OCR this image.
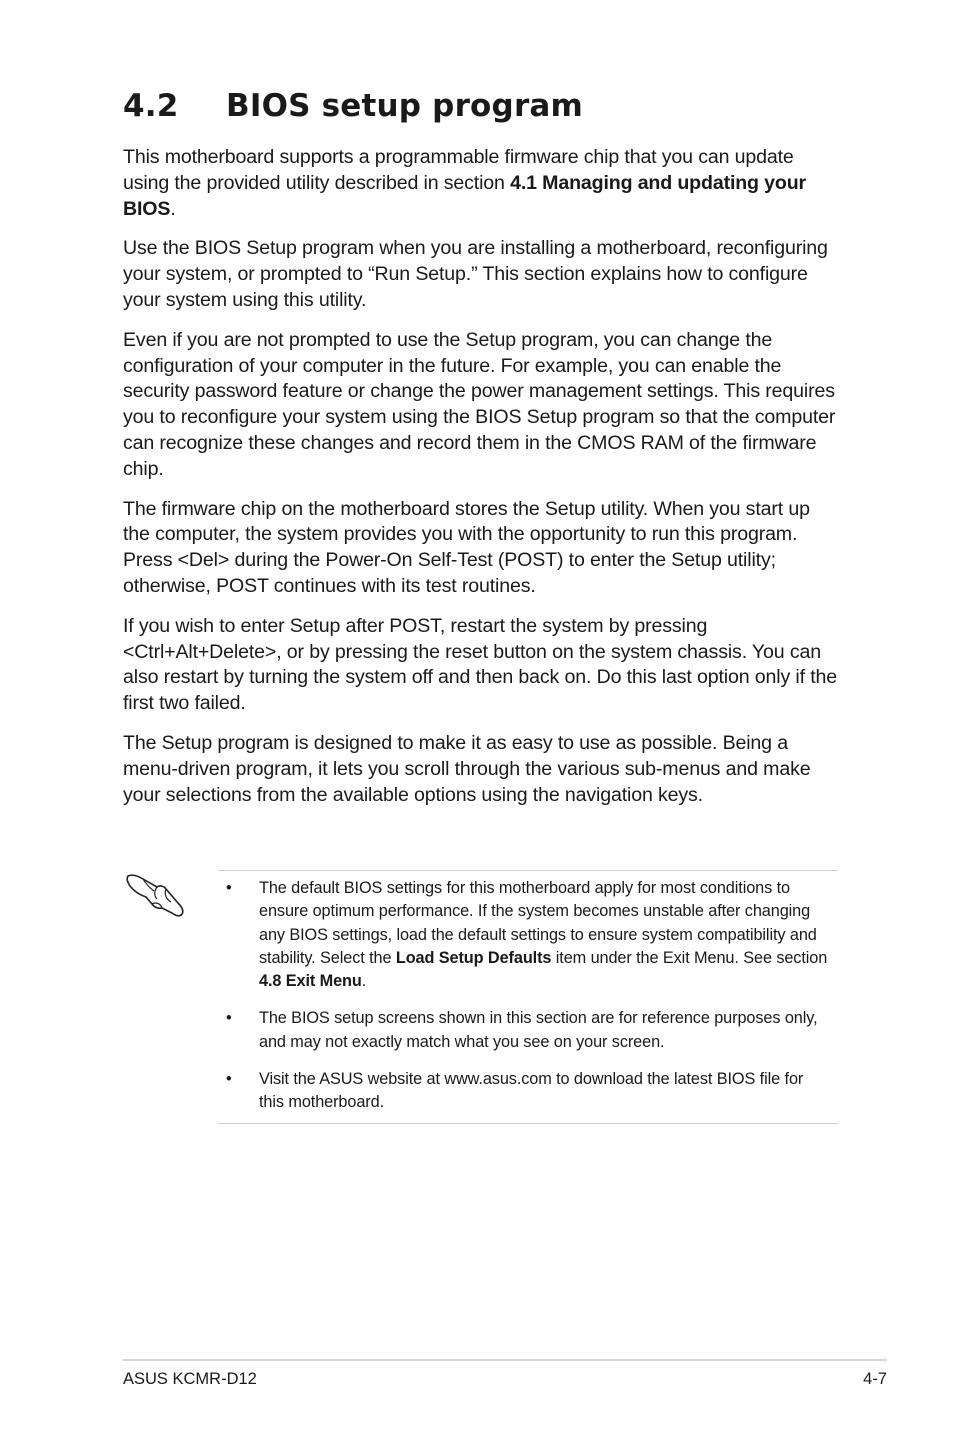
4.2 BIOS setup program

This motherboard supports a programmable firmware chip that you can update using the provided utility described in section 4.1 Managing and updating your BIOS.

Use the BIOS Setup program when you are installing a motherboard, reconfiguring your system, or prompted to “Run Setup.” This section explains how to configure your system using this utility.

Even if you are not prompted to use the Setup program, you can change the configuration of your computer in the future. For example, you can enable the security password feature or change the power management settings. This requires you to reconfigure your system using the BIOS Setup program so that the computer can recognize these changes and record them in the CMOS RAM of the firmware chip.

The firmware chip on the motherboard stores the Setup utility. When you start up the computer, the system provides you with the opportunity to run this program. Press <Del> during the Power-On Self-Test (POST) to enter the Setup utility; otherwise, POST continues with its test routines.

If you wish to enter Setup after POST, restart the system by pressing <Ctrl+Alt+Delete>, or by pressing the reset button on the system chassis. You can also restart by turning the system off and then back on. Do this last option only if the first two failed.

The Setup program is designed to make it as easy to use as possible. Being a menu-driven program, it lets you scroll through the various sub-menus and make your selections from the available options using the navigation keys.

• The default BIOS settings for this motherboard apply for most conditions to ensure optimum performance. If the system becomes unstable after changing any BIOS settings, load the default settings to ensure system compatibility and stability. Select the Load Setup Defaults item under the Exit Menu. See section 4.8 Exit Menu.
• The BIOS setup screens shown in this section are for reference purposes only, and may not exactly match what you see on your screen.
• Visit the ASUS website at www.asus.com to download the latest BIOS file for this motherboard.
ASUS KCMR-D12	4-7
